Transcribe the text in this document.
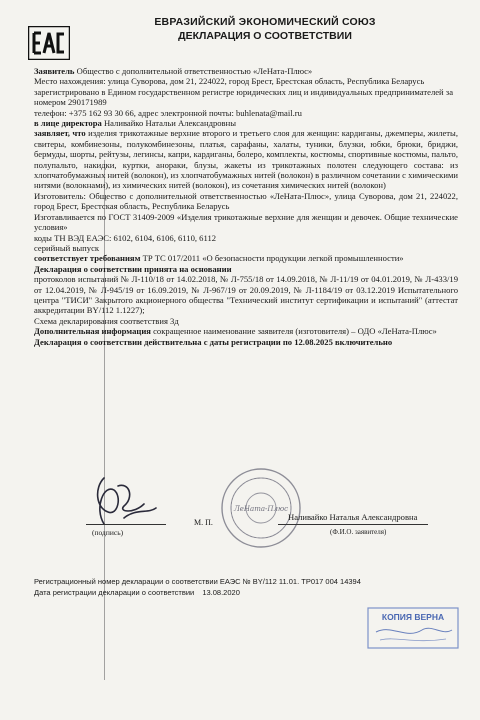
ЕВРАЗИЙСКИЙ ЭКОНОМИЧЕСКИЙ СОЮЗ
ДЕКЛАРАЦИЯ О СООТВЕТСТВИИ

Заявитель Общество с дополнительной ответственностью «ЛеНата-Плюс»

Место нахождения: улица Суворова, дом 21, 224022, город Брест, Брестская область, Республика Беларусь

зарегистрировано в Едином государственном регистре юридических лиц и индивидуальных предпринимателей за номером 290171989

телефон: +375 162 93 30 66, адрес электронной почты: buhlenata@mail.ru

в лице директора Наливайко Натальи Александровны

заявляет, что изделия трикотажные верхние второго и третьего слоя для женщин: кардиганы, джемперы, жилеты, свитеры, комбинезоны, полукомбинезоны, платья, сарафаны, халаты, туники, блузки, юбки, брюки, бриджи, бермуды, шорты, рейтузы, легинсы, капри, кардиганы, болеро, комплекты, костюмы, спортивные костюмы, пальто, полупальто, накидки, куртки, анораки, блузы, жакеты из трикотажных полотен следующего состава: из хлопчатобумажных нитей (волокон), из хлопчатобумажных нитей (волокон) в различном сочетании с химическими нитями (волокнами), из химических нитей (волокон), из сочетания химических нитей (волокон)

Изготовитель: Общество с дополнительной ответственностью «ЛеНата-Плюс», улица Суворова, дом 21, 224022, город Брест, Брестская область, Республика Беларусь

Изготавливается по ГОСТ 31409-2009 «Изделия трикотажные верхние для женщин и девочек. Общие технические условия»

коды ТН ВЭД ЕАЭС: 6102, 6104, 6106, 6110, 6112

серийный выпуск

соответствует требованиям ТР ТС 017/2011 «О безопасности продукции легкой промышленности»

Декларация о соответствии принята на основании

протоколов испытаний № Л-110/18 от 14.02.2018, № Л-755/18 от 14.09.2018, № Л-11/19 от 04.01.2019, № Л-433/19 от 12.04.2019, № Л-945/19 от 16.09.2019, № Л-967/19 от 20.09.2019, № Л-1184/19 от 03.12.2019 Испытательного центра "ТИСИ" Закрытого акционерного общества "Технический институт сертификации и испытаний" (аттестат аккредитации BY/112 1.1227);

Схема декларирования соответствия 3д

Дополнительная информация сокращенное наименование заявителя (изготовителя) – ОДО «ЛеНата-Плюс»

Декларация о соответствии действительна с даты регистрации по 12.08.2025 включительно

(подпись)
М. П.
ЛеНата-Плюс
Наливайко Наталья Александровна
(Ф.И.О. заявителя)
Регистрационный номер декларации о соответствии ЕАЭС № BY/112 11.01. ТР017 004 14394
Дата регистрации декларации о соответствии 13.08.2020
КОПИЯ ВЕРНА
